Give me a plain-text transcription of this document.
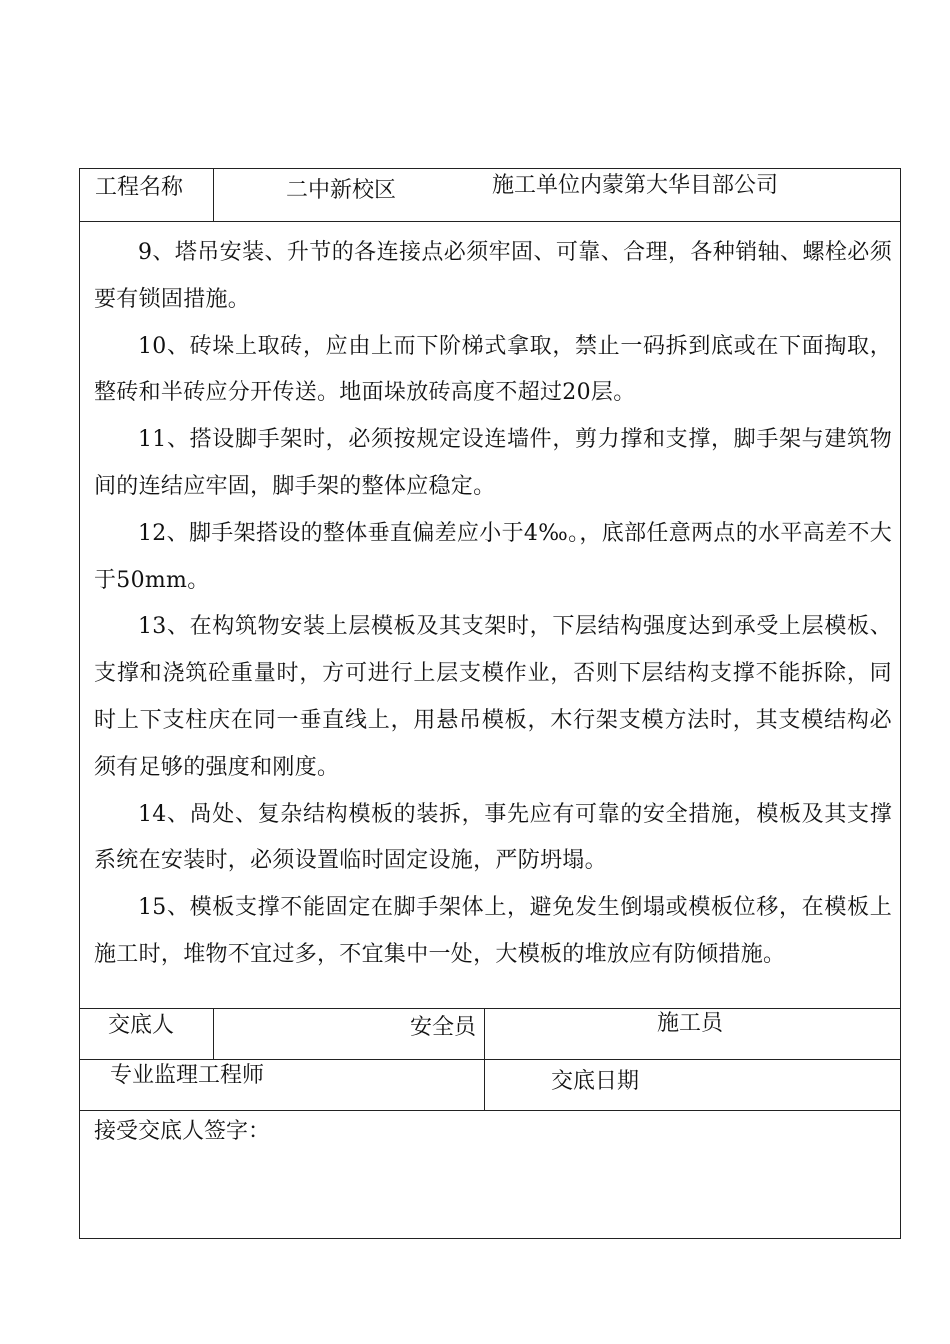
工程名称	二中新校区	施工单位内蒙第大华目部公司

9、塔吊安装、升节的各连接点必须牢固、可靠、合理，各种销轴、螺栓必须要有锁固措施。

10、砖垛上取砖，应由上而下阶梯式拿取，禁止一码拆到底或在下面掏取，整砖和半砖应分开传送。地面垛放砖高度不超过20层。

11、搭设脚手架时，必须按规定设连墙件，剪力撑和支撑，脚手架与建筑物间的连结应牢固，脚手架的整体应稳定。

12、脚手架搭设的整体垂直偏差应小于4‰。，底部任意两点的水平高差不大于50mm。

13、在构筑物安装上层模板及其支架时，下层结构强度达到承受上层模板、支撑和浇筑砼重量时，方可进行上层支模作业，否则下层结构支撑不能拆除，同时上下支柱庆在同一垂直线上，用悬吊模板，木行架支模方法时，其支模结构必须有足够的强度和刚度。

14、咼处、复杂结构模板的装拆，事先应有可靠的安全措施，模板及其支撑系统在安装时，必须设置临时固定设施，严防坍塌。

15、模板支撑不能固定在脚手架体上，避免发生倒塌或模板位移，在模板上施工时，堆物不宜过多，不宜集中一处，大模板的堆放应有防倾措施。

交底人	安全员	施工员
专业监理工程师	交底日期
接受交底人签字：
